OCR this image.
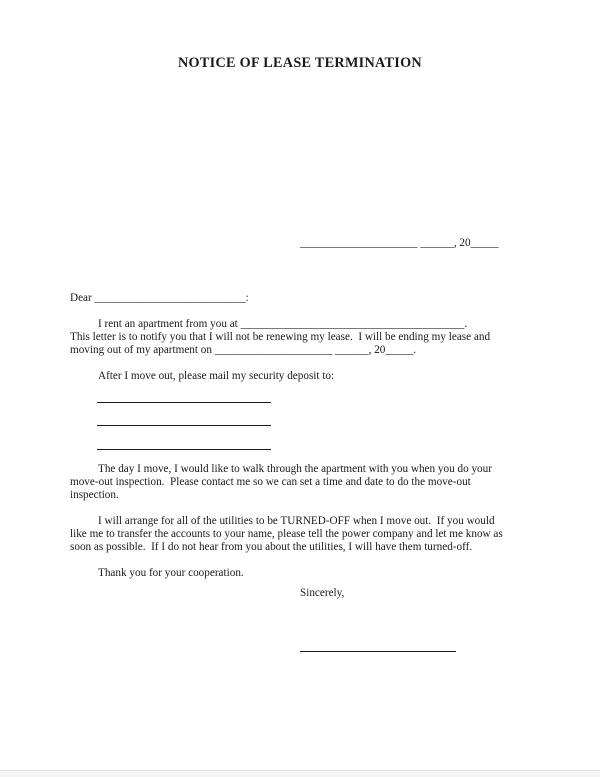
NOTICE OF LEASE TERMINATION
_____________________ ______, 20_____
Dear ___________________________:
I rent an apartment from you at ________________________________________.
This letter is to notify you that I will not be renewing my lease.  I will be ending my lease and
moving out of my apartment on _____________________ ______, 20_____.
After I move out, please mail my security deposit to:
The day I move, I would like to walk through the apartment with you when you do your
move-out inspection.  Please contact me so we can set a time and date to do the move-out
inspection.
I will arrange for all of the utilities to be TURNED-OFF when I move out.  If you would
like me to transfer the accounts to your name, please tell the power company and let me know as
soon as possible.  If I do not hear from you about the utilities, I will have them turned-off.
Thank you for your cooperation.
Sincerely,
